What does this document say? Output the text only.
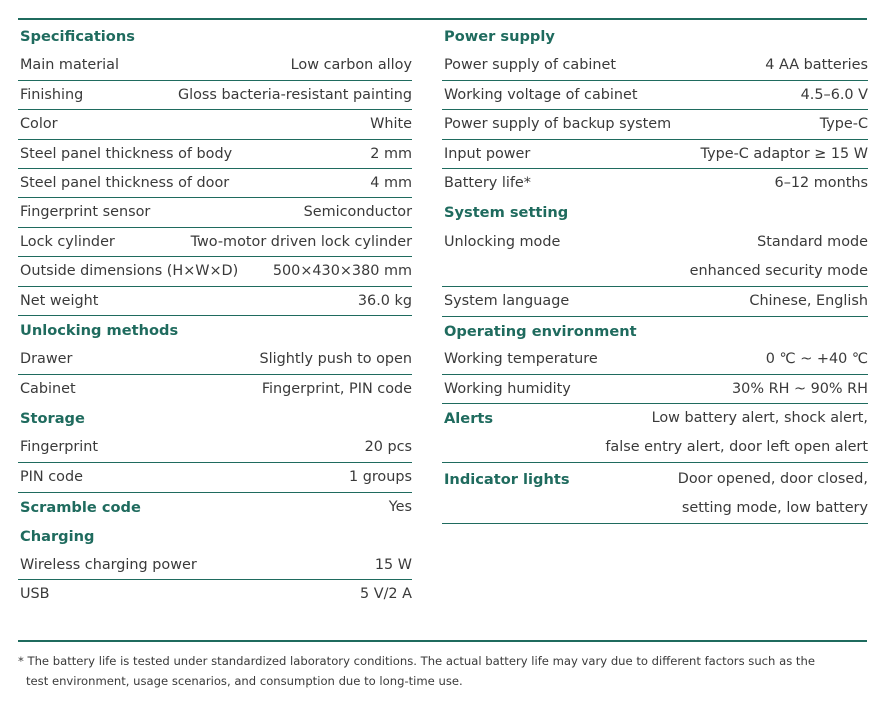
Specifications
Main material	Low carbon alloy
Finishing	Gloss bacteria-resistant painting
Color	White
Steel panel thickness of body	2 mm
Steel panel thickness of door	4 mm
Fingerprint sensor	Semiconductor
Lock cylinder	Two-motor driven lock cylinder
Outside dimensions (H×W×D) 500×430×380 mm
Net weight	36.0 kg
Unlocking methods
Drawer	Slightly push to open
Cabinet	Fingerprint, PIN code
Storage
Fingerprint	20 pcs
PIN code	1 groups
Scramble code	Yes
Charging
Wireless charging power	15 W
USB	5 V/2 A
Power supply
Power supply of cabinet	4 AA batteries
Working voltage of cabinet	4.5–6.0 V
Power supply of backup system	Type-C
Input power	Type-C adaptor ≥ 15 W
Battery life*	6–12 months
System setting
Unlocking mode	Standard mode
enhanced security mode
System language	Chinese, English
Operating environment
Working temperature	0 ℃ ~ +40 ℃
Working humidity	30% RH ~ 90% RH
Alerts	Low battery alert, shock alert,
false entry alert, door left open alert
Indicator lights	Door opened, door closed,
setting mode, low battery
* The battery life is tested under standardized laboratory conditions. The actual battery life may vary due to different factors such as the
test environment, usage scenarios, and consumption due to long-time use.
